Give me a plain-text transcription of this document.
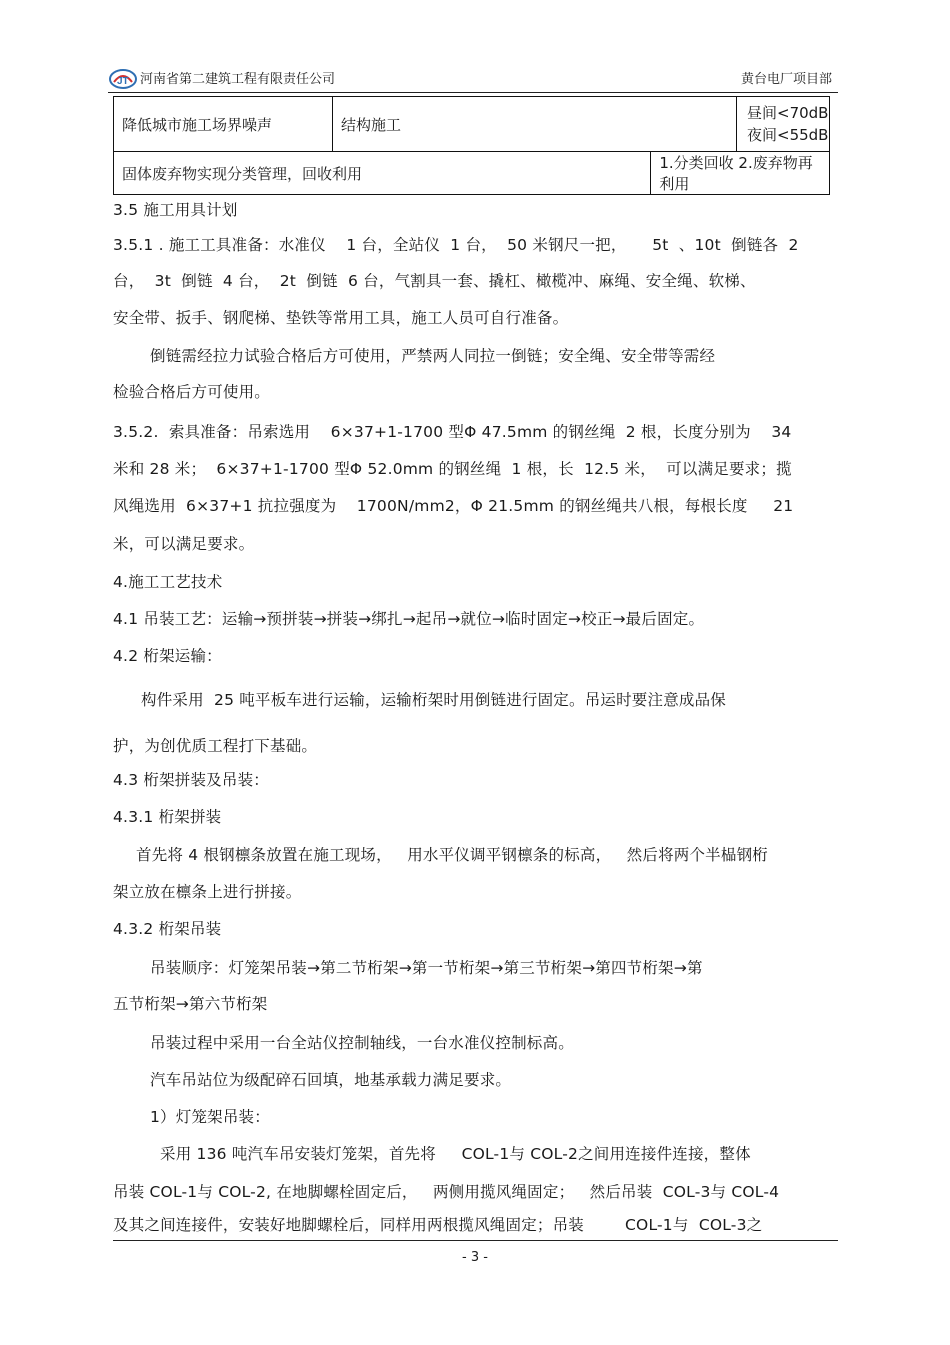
JT 河南省第二建筑工程有限责任公司	黄台电厂项目部
降低城市施工场界噪声	结构施工		昼间<70dB
夜间<55dB

固体废弃物实现分类管理，回收利用		1.分类回收 2.废弃物再利用	
3.5 施工用具计划
3.5.1 . 施工工具准备：水准仪    1 台，全站仪  1 台，  50 米钢尺一把，     5t  、10t  倒链各  2
台，  3t  倒链  4 台，  2t  倒链  6 台，气割具一套、撬杠、橄榄冲、麻绳、安全绳、软梯、
安全带、扳手、钢爬梯、垫铁等常用工具，施工人员可自行准备。
倒链需经拉力试验合格后方可使用，严禁两人同拉一倒链；安全绳、安全带等需经
检验合格后方可使用。
3.5.2.  索具准备：吊索选用    6×37+1-1700 型Φ 47.5mm 的钢丝绳  2 根，长度分别为    34
米和 28 米；  6×37+1-1700 型Φ 52.0mm 的钢丝绳  1 根，长  12.5 米，  可以满足要求；揽
风绳选用  6×37+1 抗拉强度为    1700N/mm2，Φ 21.5mm 的钢丝绳共八根，每根长度     21
米，可以满足要求。
4.施工工艺技术
4.1 吊装工艺：运输→预拼装→拼装→绑扎→起吊→就位→临时固定→校正→最后固定。
4.2 桁架运输：
构件采用  25 吨平板车进行运输，运输桁架时用倒链进行固定。吊运时要注意成品保
护，为创优质工程打下基础。
4.3 桁架拼装及吊装：
4.3.1 桁架拼装
首先将 4 根钢檩条放置在施工现场，   用水平仪调平钢檩条的标高，   然后将两个半榀钢桁
架立放在檩条上进行拼接。
4.3.2 桁架吊装
吊装顺序：灯笼架吊装→第二节桁架→第一节桁架→第三节桁架→第四节桁架→第
五节桁架→第六节桁架
吊装过程中采用一台全站仪控制轴线，一台水准仪控制标高。
汽车吊站位为级配碎石回填，地基承载力满足要求。
1）灯笼架吊装：
采用 136 吨汽车吊安装灯笼架，首先将     COL-1与 COL-2之间用连接件连接，整体
吊装 COL-1与 COL-2, 在地脚螺栓固定后，   两侧用揽风绳固定；   然后吊装  COL-3与 COL-4
及其之间连接件，安装好地脚螺栓后，同样用两根揽风绳固定；吊装        COL-1与  COL-3之
- 3 -
